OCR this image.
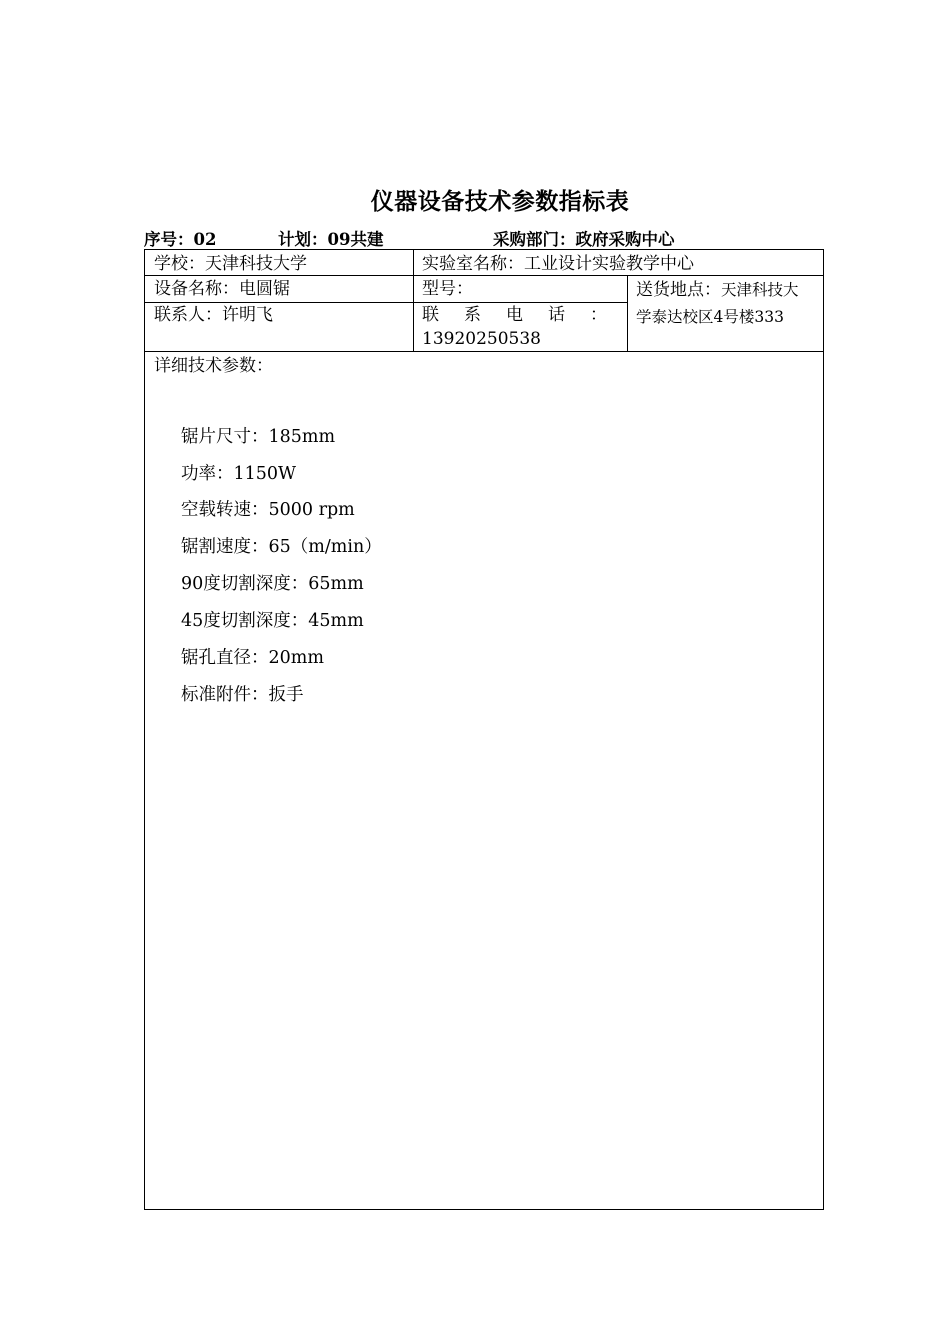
仪器设备技术参数指标表
序号：02	计划：09共建	采购部门：政府采购中心
学校：天津科技大学	实验室名称：工业设计实验教学中心
设备名称：电圆锯	型号：	送货地点：天津科技大
学泰达校区4号楼333
联系人：许明飞	联 系 电 话 ：
13920250538
详细技术参数：
锯片尺寸：185mm
功率：1150W
空载转速：5000 rpm
锯割速度：65（m/min）
90度切割深度：65mm
45度切割深度：45mm
锯孔直径：20mm
标准附件：扳手
